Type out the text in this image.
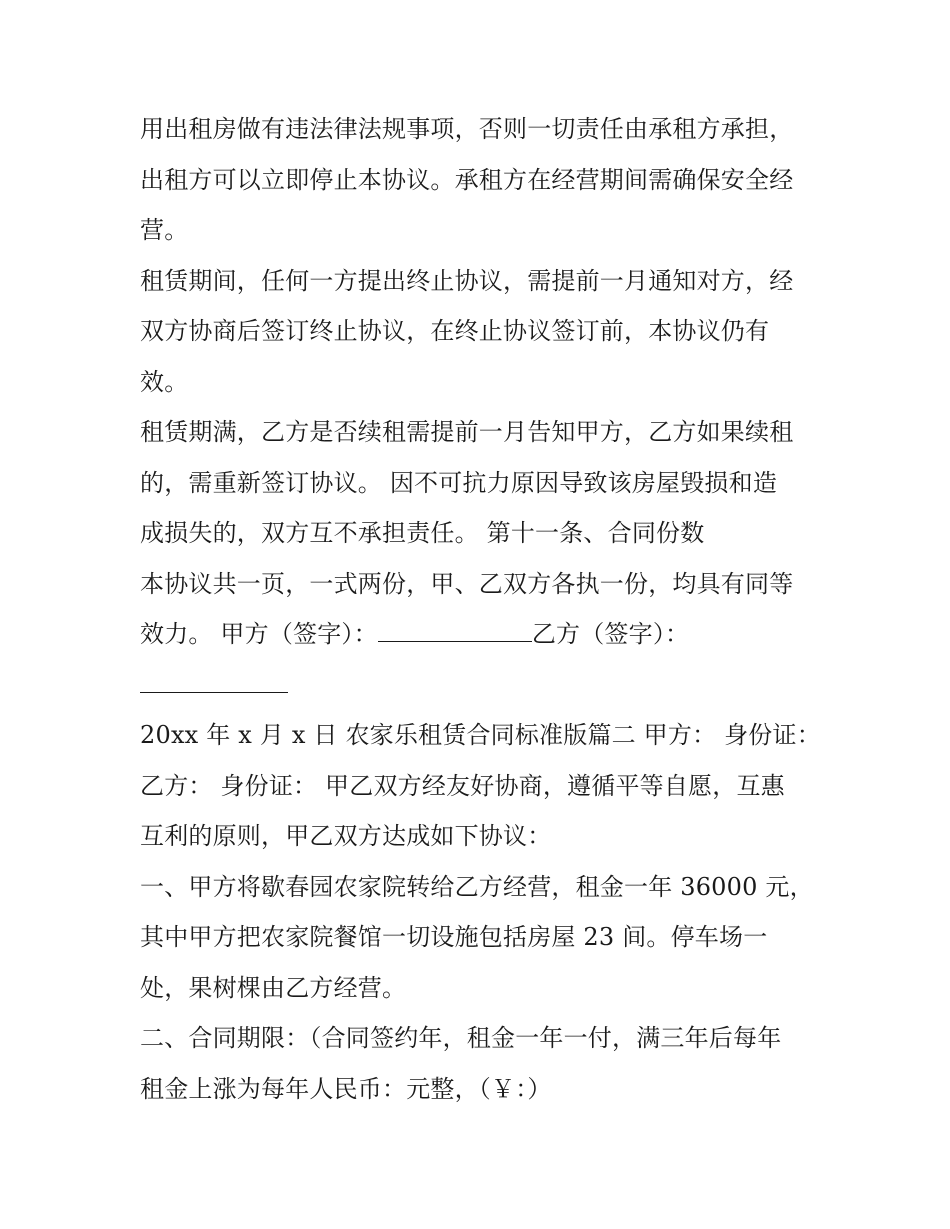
用出租房做有违法律法规事项，否则一切责任由承租方承担，
出租方可以立即停止本协议。承租方在经营期间需确保安全经
营。
租赁期间，任何一方提出终止协议，需提前一月通知对方，经
双方协商后签订终止协议，在终止协议签订前，本协议仍有
效。
租赁期满，乙方是否续租需提前一月告知甲方，乙方如果续租
的，需重新签订协议。 因不可抗力原因导致该房屋毁损和造
成损失的，双方互不承担责任。 第十一条、合同份数
本协议共一页，一式两份，甲、乙双方各执一份，均具有同等
效力。 甲方（签字）：	乙方（签字）：
20xx 年 x 月 x 日 农家乐租赁合同标准版篇二 甲方： 身份证：
乙方： 身份证： 甲乙双方经友好协商，遵循平等自愿，互惠
互利的原则，甲乙双方达成如下协议：
一、甲方将歇春园农家院转给乙方经营，租金一年 36000 元，
其中甲方把农家院餐馆一切设施包括房屋 23 间。停车场一
处，果树棵由乙方经营。
二、合同期限：（合同签约年，租金一年一付，满三年后每年
租金上涨为每年人民币：元整，（￥：）
